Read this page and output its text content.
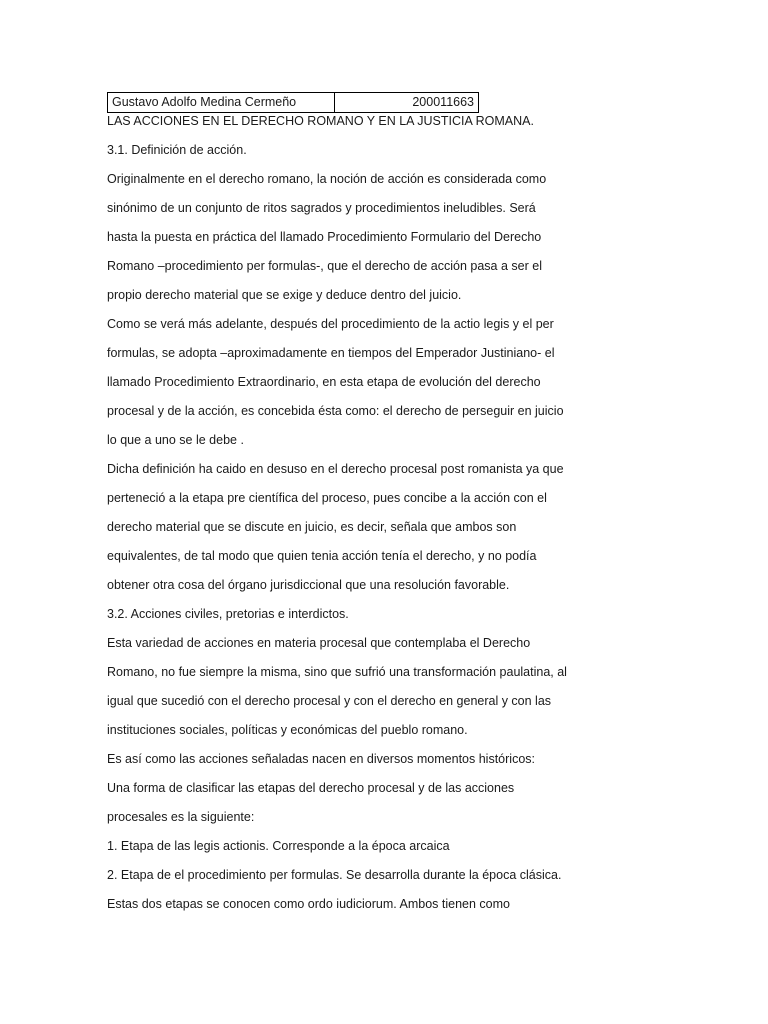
Gustavo Adolfo Medina Cermeño	200011663
LAS ACCIONES EN EL DERECHO ROMANO Y EN LA JUSTICIA ROMANA.
3.1. Definición de acción.
Originalmente en el derecho romano, la noción de acción es considerada como
sinónimo de un conjunto de ritos sagrados y procedimientos ineludibles. Será
hasta la puesta en práctica del llamado Procedimiento Formulario del Derecho
Romano –procedimiento per formulas-, que el derecho de acción pasa a ser el
propio derecho material que se exige y deduce dentro del juicio.
Como se verá más adelante, después del procedimiento de la actio legis y el per
formulas, se adopta –aproximadamente en tiempos del Emperador Justiniano- el
llamado Procedimiento Extraordinario, en esta etapa de evolución del derecho
procesal y de la acción, es concebida ésta como: el derecho de perseguir en juicio
lo que a uno se le debe .
Dicha definición ha caido en desuso en el derecho procesal post romanista ya que
perteneció a la etapa pre científica del proceso, pues concibe a la acción con el
derecho material que se discute en juicio, es decir, señala que ambos son
equivalentes, de tal modo que quien tenia acción tenía el derecho, y no podía
obtener otra cosa del órgano jurisdiccional que una resolución favorable.
3.2. Acciones civiles, pretorias e interdictos.
Esta variedad de acciones en materia procesal que contemplaba el Derecho
Romano, no fue siempre la misma, sino que sufrió una transformación paulatina, al
igual que sucedió con el derecho procesal y con el derecho en general y con las
instituciones sociales, políticas y económicas del pueblo romano.
Es así como las acciones señaladas nacen en diversos momentos históricos:
Una forma de clasificar las etapas del derecho procesal y de las acciones
procesales es la siguiente:
1. Etapa de las legis actionis. Corresponde a la época arcaica
2. Etapa de el procedimiento per formulas. Se desarrolla durante la época clásica.
Estas dos etapas se conocen como ordo iudiciorum. Ambos tienen como
